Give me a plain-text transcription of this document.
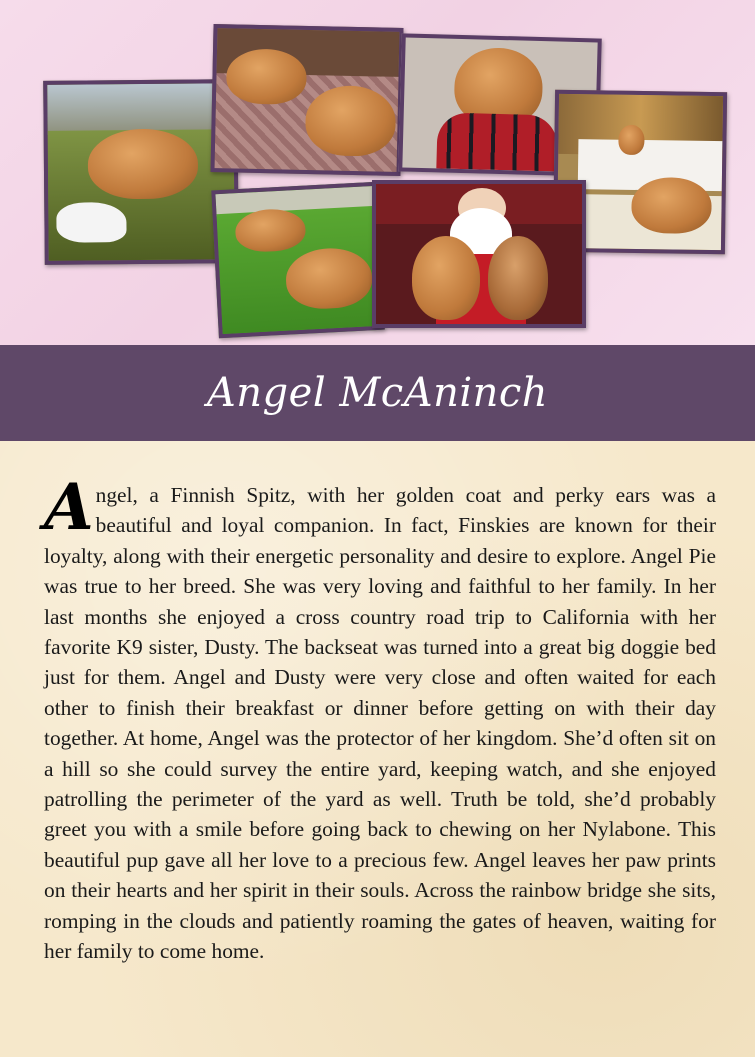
Angel McAninch

Angel, a Finnish Spitz, with her golden coat and perky ears was a beautiful and loyal companion. In fact, Finskies are known for their loyalty, along with their energetic personality and desire to explore. Angel Pie was true to her breed. She was very loving and faithful to her family. In her last months she enjoyed a cross country road trip to California with her favorite K9 sister, Dusty. The backseat was turned into a great big doggie bed just for them. Angel and Dusty were very close and often waited for each other to finish their breakfast or dinner before getting on with their day together. At home, Angel was the protector of her kingdom. She’d often sit on a hill so she could survey the entire yard, keeping watch, and she enjoyed patrolling the perimeter of the yard as well. Truth be told, she’d probably greet you with a smile before going back to chewing on her Nylabone. This beautiful pup gave all her love to a precious few. Angel leaves her paw prints on their hearts and her spirit in their souls. Across the rainbow bridge she sits, romping in the clouds and patiently roaming the gates of heaven, waiting for her family to come home.
